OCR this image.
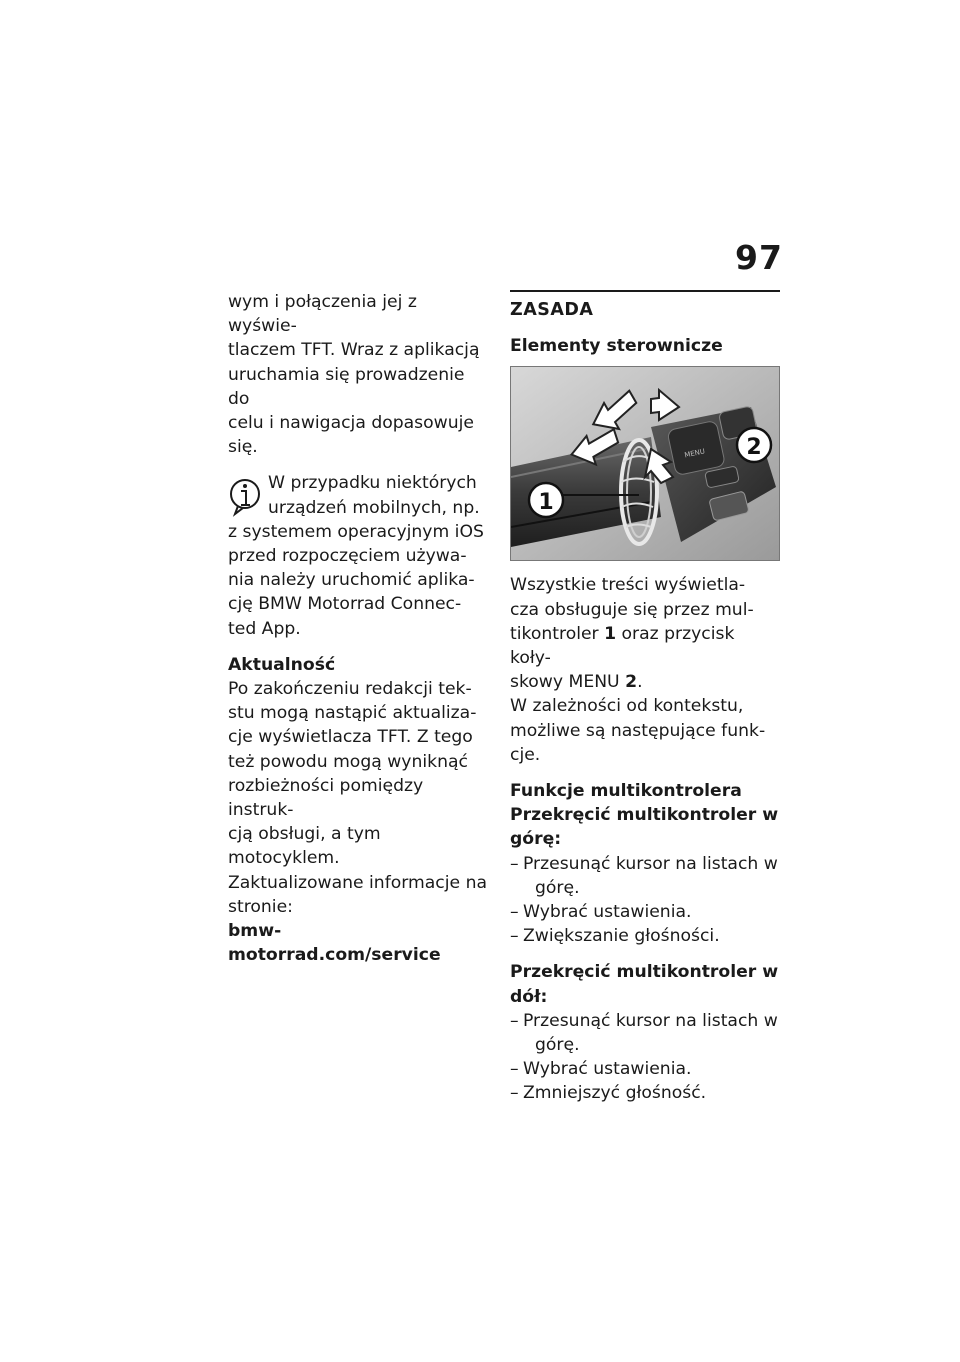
97

wym i połączenia jej z wyświe-
tlaczem TFT. Wraz z aplikacją
uruchamia się prowadzenie do
celu i nawigacja dopasowuje
się.

W przypadku niektórych
urządzeń mobilnych, np.
z systemem operacyjnym iOS
przed rozpoczęciem używa-
nia należy uruchomić aplika-
cję BMW Motorrad Connec-
ted App.

Aktualność

Po zakończeniu redakcji tek-
stu mogą nastąpić aktualiza-
cje wyświetlacza TFT. Z tego
też powodu mogą wyniknąć
rozbieżności pomiędzy instruk-
cją obsługi, a tym motocyklem.
Zaktualizowane informacje na
stronie:

bmw-motorrad.com/service

ZASADA

Elementy sterownicze

MENU
1
2

Wszystkie treści wyświetla-
cza obsługuje się przez mul-
tikontroler 1 oraz przycisk koły-
skowy MENU 2.
W zależności od kontekstu,
możliwe są następujące funk-
cje.

Funkcje multikontrolera

Przekręcić multikontroler w
górę:

– Przesunąć kursor na listach w
górę.
– Wybrać ustawienia.
– Zwiększanie głośności.

Przekręcić multikontroler w
dół:

– Przesunąć kursor na listach w
górę.
– Wybrać ustawienia.
– Zmniejszyć głośność.
